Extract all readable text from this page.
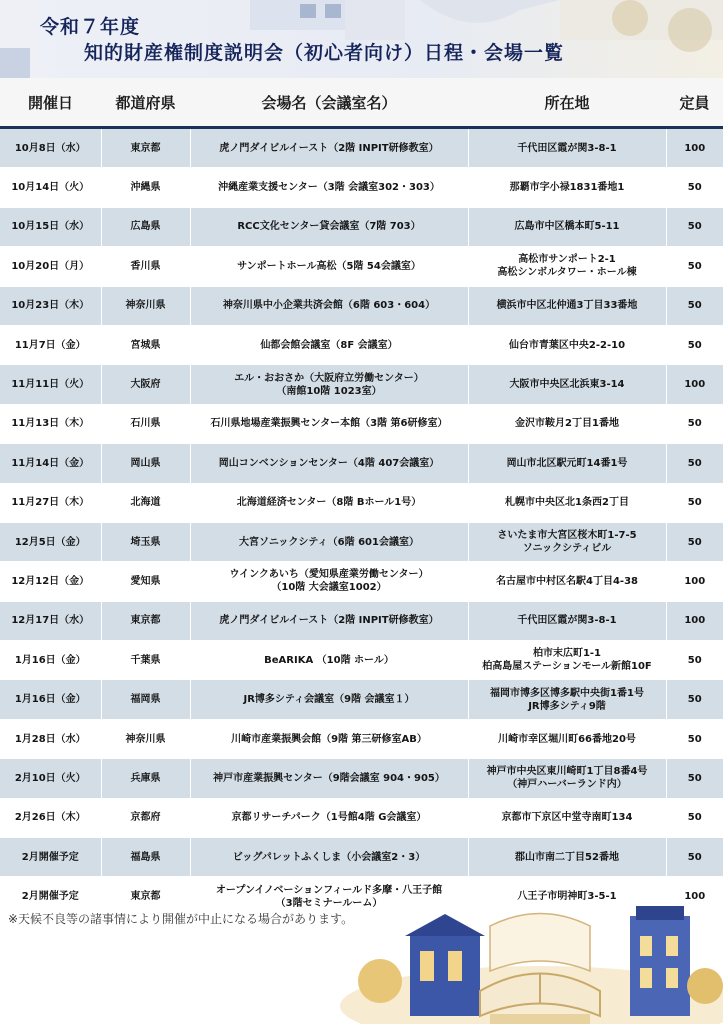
令和７年度
知的財産権制度説明会（初心者向け）日程・会場一覧
開催日	都道府県	会場名（会議室名）	所在地	定員

10月8日（水）	東京都	虎ノ門ダイビルイースト（2階 INPIT研修教室）	千代田区霞が関3-8-1	100

10月14日（火）	沖縄県	沖縄産業支援センター（3階 会議室302・303）	那覇市字小禄1831番地1	50

10月15日（水）	広島県	RCC文化センター貸会議室（7階 703）	広島市中区橋本町5-11	50

10月20日（月）	香川県	サンポートホール高松（5階 54会議室）	高松市サンポート2-1
高松シンボルタワー・ホール棟	50

10月23日（木）	神奈川県	神奈川県中小企業共済会館（6階 603・604）	横浜市中区北仲通3丁目33番地	50

11月7日（金）	宮城県	仙都会館会議室（8F 会議室）	仙台市青葉区中央2-2-10	50

11月11日（火）	大阪府	エル・おおさか（大阪府立労働センター）
（南館10階 1023室）	大阪市中央区北浜東3-14	100

11月13日（木）	石川県	石川県地場産業振興センター本館（3階 第6研修室）	金沢市鞍月2丁目1番地	50

11月14日（金）	岡山県	岡山コンベンションセンター（4階 407会議室）	岡山市北区駅元町14番1号	50

11月27日（木）	北海道	北海道経済センター（8階 Bホール1号）	札幌市中央区北1条西2丁目	50

12月5日（金）	埼玉県	大宮ソニックシティ（6階 601会議室）	さいたま市大宮区桜木町1-7-5
ソニックシティビル	50

12月12日（金）	愛知県	ウインクあいち（愛知県産業労働センター）
（10階 大会議室1002）	名古屋市中村区名駅4丁目4-38	100

12月17日（水）	東京都	虎ノ門ダイビルイースト（2階 INPIT研修教室）	千代田区霞が関3-8-1	100

1月16日（金）	千葉県	BeARIKA （10階 ホール）	柏市末広町1-1
柏高島屋ステーションモール新館10F	50

1月16日（金）	福岡県	JR博多シティ会議室（9階 会議室１）	福岡市博多区博多駅中央街1番1号
JR博多シティ9階	50

1月28日（水）	神奈川県	川崎市産業振興会館（9階 第三研修室AB）	川崎市幸区堀川町66番地20号	50

2月10日（火）	兵庫県	神戸市産業振興センター（9階会議室 904・905）	神戸市中央区東川崎町1丁目8番4号
（神戸ハーバーランド内）	50

2月26日（木）	京都府	京都リサーチパーク（1号館4階 G会議室）	京都市下京区中堂寺南町134	50

2月開催予定	福島県	ビッグパレットふくしま（小会議室2・3）	郡山市南二丁目52番地	50

2月開催予定	東京都	オープンイノベーションフィールド多摩・八王子館
（3階セミナールーム）	八王子市明神町3-5-1	100
※天候不良等の諸事情により開催が中止になる場合があります。
